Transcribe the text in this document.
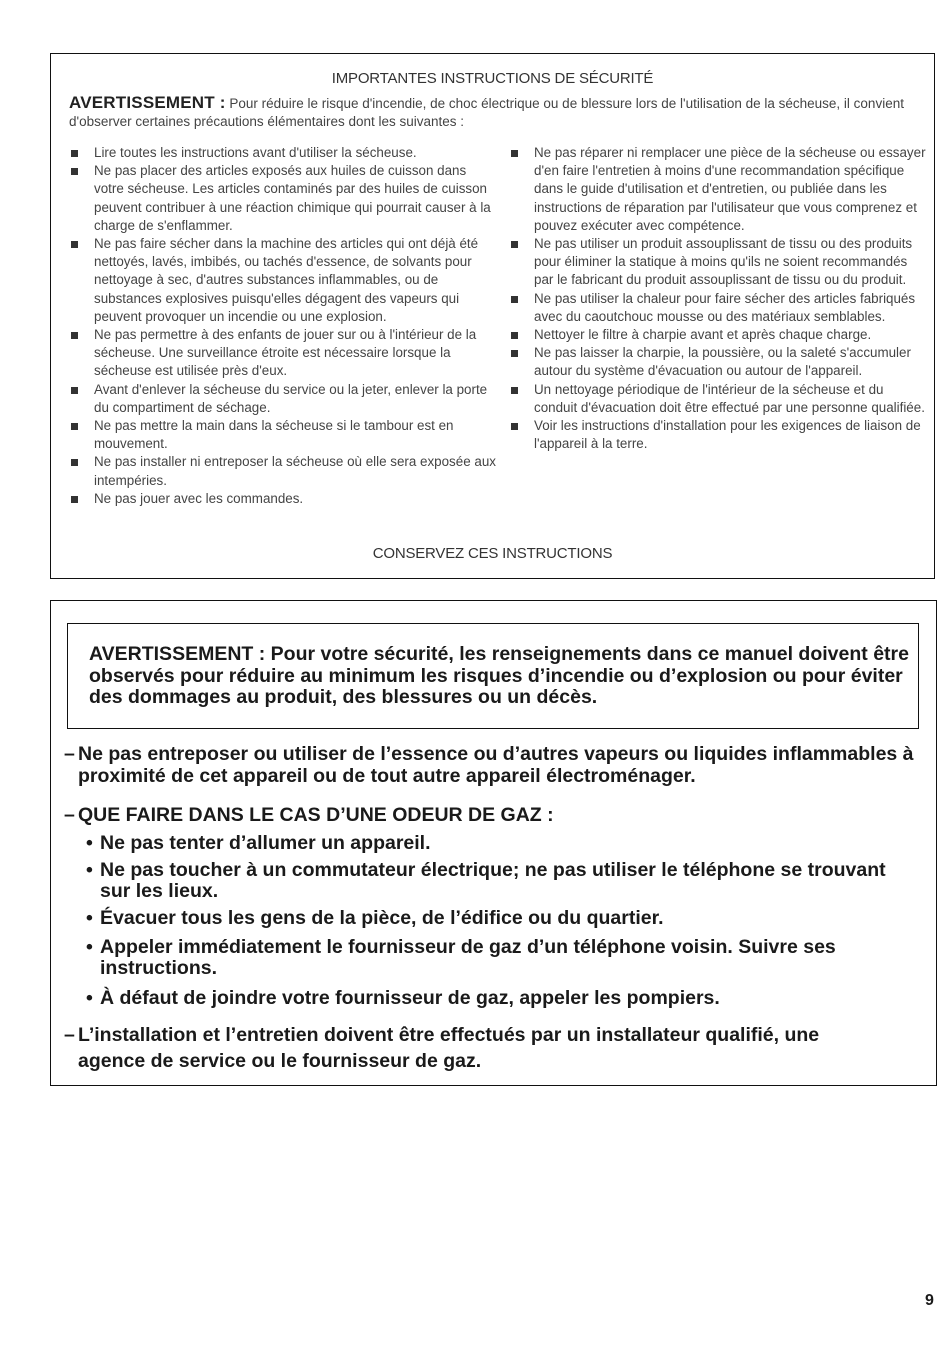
IMPORTANTES INSTRUCTIONS DE SÉCURITÉ
AVERTISSEMENT : Pour réduire le risque d'incendie, de choc électrique ou de blessure lors de l'utilisation de la sécheuse, il convient d'observer certaines précautions élémentaires dont les suivantes :
Lire toutes les instructions avant d'utiliser la sécheuse.
Ne pas placer des articles exposés aux huiles de cuisson dans votre sécheuse. Les articles contaminés par des huiles de cuisson peuvent contribuer à une réaction chimique qui pourrait causer à la charge de s'enflammer.
Ne pas faire sécher dans la machine des articles qui ont déjà été nettoyés, lavés, imbibés, ou tachés d'essence, de solvants pour nettoyage à sec, d'autres substances inflammables, ou de substances explosives puisqu'elles dégagent des vapeurs qui peuvent provoquer un incendie ou une explosion.
Ne pas permettre à des enfants de jouer sur ou à l'intérieur de la sécheuse. Une surveillance étroite est nécessaire lorsque la sécheuse est utilisée près d'eux.
Avant d'enlever la sécheuse du service ou la jeter, enlever la porte du compartiment de séchage.
Ne pas mettre la main dans la sécheuse si le tambour est en mouvement.
Ne pas installer ni entreposer la sécheuse où elle sera exposée aux intempéries.
Ne pas jouer avec les commandes.
Ne pas réparer ni remplacer une pièce de la sécheuse ou essayer d'en faire l'entretien à moins d'une recommandation spécifique dans le guide d'utilisation et d'entretien, ou publiée dans les instructions de réparation par l'utilisateur que vous comprenez et pouvez exécuter avec compétence.
Ne pas utiliser un produit assouplissant de tissu ou des produits pour éliminer la statique à moins qu'ils ne soient recommandés par le fabricant du produit assouplissant de tissu ou du produit.
Ne pas utiliser la chaleur pour faire sécher des articles fabriqués avec du caoutchouc mousse ou des matériaux semblables.
Nettoyer le filtre à charpie avant et après chaque charge.
Ne pas laisser la charpie, la poussière, ou la saleté s'accumuler autour du système d'évacuation ou autour de l'appareil.
Un nettoyage périodique de l'intérieur de la sécheuse et du conduit d'évacuation doit être effectué par une personne qualifiée.
Voir les instructions d'installation pour les exigences de liaison de l'appareil à la terre.
CONSERVEZ CES INSTRUCTIONS
AVERTISSEMENT : Pour votre sécurité, les renseignements dans ce manuel doivent être observés pour réduire au minimum les risques d’incendie ou d’explosion ou pour éviter des dommages au produit, des blessures ou un décès.
– Ne pas entreposer ou utiliser de l’essence ou d’autres vapeurs ou liquides inflammables à proximité de cet appareil ou de tout autre appareil électroménager.
– QUE FAIRE DANS LE CAS D’UNE ODEUR DE GAZ :
• Ne pas tenter d’allumer un appareil.
• Ne pas toucher à un commutateur électrique; ne pas utiliser le téléphone se trouvant sur les lieux.
• Évacuer tous les gens de la pièce, de l’édifice ou du quartier.
• Appeler immédiatement le fournisseur de gaz d’un téléphone voisin. Suivre ses instructions.
• À défaut de joindre votre fournisseur de gaz, appeler les pompiers.
– L’installation et l’entretien doivent être effectués par un installateur qualifié, une agence de service ou le fournisseur de gaz.
9
